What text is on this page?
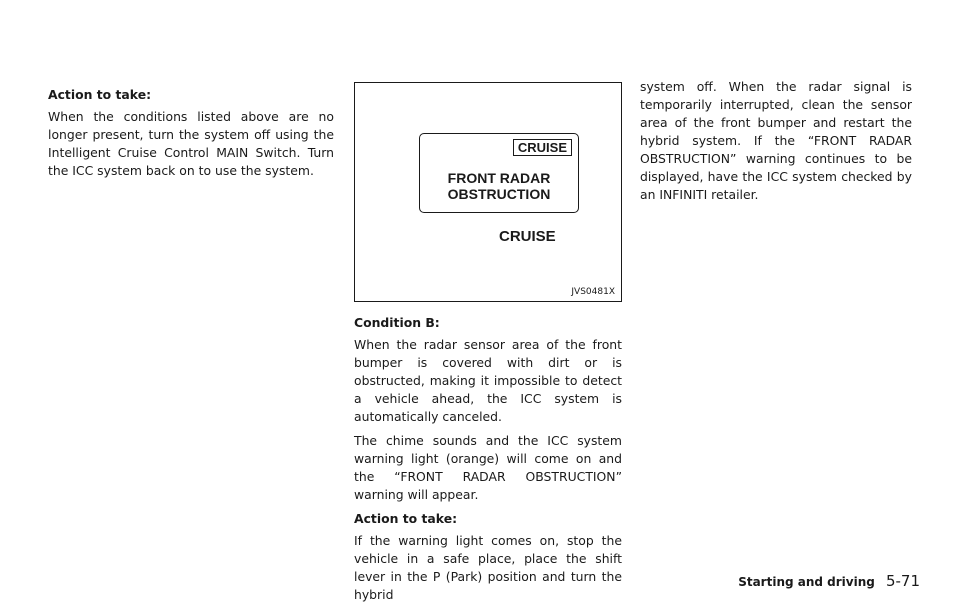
Action to take:

When the conditions listed above are no longer present, turn the system off using the Intelligent Cruise Control MAIN Switch. Turn the ICC system back on to use the system.

CRUISE
FRONT RADAR
OBSTRUCTION
CRUISE
JVS0481X

Condition B:

When the radar sensor area of the front bumper is covered with dirt or is obstructed, making it impossible to detect a vehicle ahead, the ICC system is automatically canceled.

The chime sounds and the ICC system warning light (orange) will come on and the “FRONT RADAR OBSTRUCTION” warning will appear.

Action to take:

If the warning light comes on, stop the vehicle in a safe place, place the shift lever in the P (Park) position and turn the hybrid

system off. When the radar signal is temporarily interrupted, clean the sensor area of the front bumper and restart the hybrid system. If the “FRONT RADAR OBSTRUCTION” warning continues to be displayed, have the ICC system checked by an INFINITI retailer.

Starting and driving 5-71
